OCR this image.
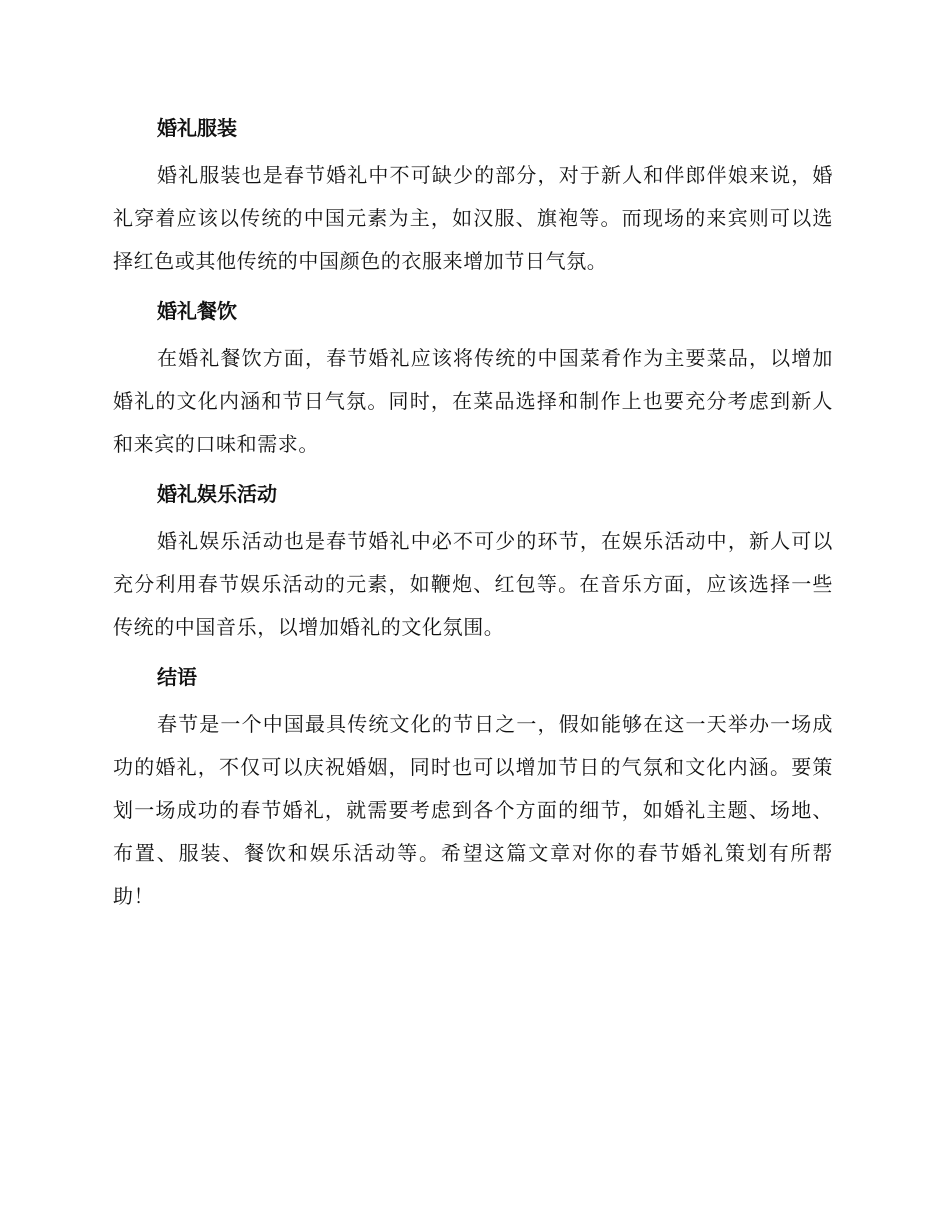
婚礼服装

婚礼服装也是春节婚礼中不可缺少的部分，对于新人和伴郎伴娘来说，婚礼穿着应该以传统的中国元素为主，如汉服、旗袍等。而现场的来宾则可以选择红色或其他传统的中国颜色的衣服来增加节日气氛。

婚礼餐饮

在婚礼餐饮方面，春节婚礼应该将传统的中国菜肴作为主要菜品，以增加婚礼的文化内涵和节日气氛。同时，在菜品选择和制作上也要充分考虑到新人和来宾的口味和需求。

婚礼娱乐活动

婚礼娱乐活动也是春节婚礼中必不可少的环节，在娱乐活动中，新人可以充分利用春节娱乐活动的元素，如鞭炮、红包等。在音乐方面，应该选择一些传统的中国音乐，以增加婚礼的文化氛围。

结语

春节是一个中国最具传统文化的节日之一，假如能够在这一天举办一场成功的婚礼，不仅可以庆祝婚姻，同时也可以增加节日的气氛和文化内涵。要策划一场成功的春节婚礼，就需要考虑到各个方面的细节，如婚礼主题、场地、布置、服装、餐饮和娱乐活动等。希望这篇文章对你的春节婚礼策划有所帮助！
